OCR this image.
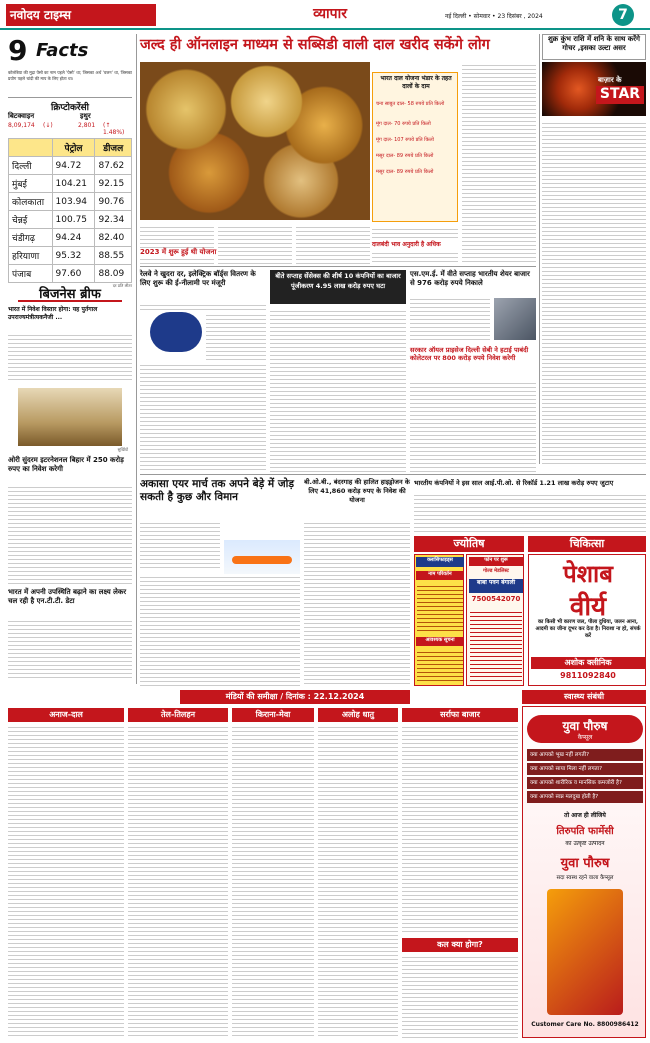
नवोदय टाइम्स	व्यापार	नई दिल्ली • सोमवार • 23 दिसंबर , 2024	7
9 Facts
कोलंबिया की मुद्रा पेसो का नाम पहले 'पेसो' था; जिसका अर्थ 'वजन' था, जिसका प्रयोग पहले चांदी की माप के लिए होता था।
क्रिप्टोकरेंसी
बिटक्वाइन	इथुर
8,09,174	(↓)	2,801	(↑ 1.48%)
	पेट्रोल	डीजल
दिल्ली	94.72	87.62
मुंबई	104.21	92.15
कोलकाता	103.94	90.76
चेन्नई	100.75	92.34
चंडीगढ़	94.24	82.40
हरियाणा	95.32	88.55
पंजाब	97.60	88.09
दर प्रति लीटर
बिजनेस ब्रीफ
भारत में निवेश विस्तार होगा: यह पुर्तगाल उपराज्यमंत्रीत्यकनैजी ...
सुर्खियों
ओरी सुंदरम इटरनेशनल बिहार में 250 करोड़ रुपए का निवेश करेगी
भारत में अपनी उपस्थिति बढ़ाने का लक्ष्य लेकर चल रही है एन.टी.टी. डेटा
जल्द ही ऑनलाइन माध्यम से सब्सिडी वाली दाल खरीद सकेंगे लोग
भारत दाल योजना भंडार के तहत दालों के दाम
चना साबुत दाल- 58 रुपये प्रति किलो
मूंग दाल- 70 रुपये प्रति किलो
मूंग दाल- 107 रुपये प्रति किलो
मसूर दाल- 89 रुपये प्रति किलो
मसूर दाल- 89 रुपये प्रति किलो
2023 में शुरू हुई थी योजना
दालबंदी भाव अनुदारी है अधिक
शुक्र कुंभ राशि में शनि के साथ करेंगे गोचर ,इसका उल्टा असर
बाज़ार के
STAR
रेलवे ने खुदरा दर, इलेक्ट्रिक बॉर्ड्स वितरण के लिए शुरू की ई-नीलामी पर मंजूरी
बीते सप्ताह सेंसेक्स की शीर्ष 10 कंपनियों का बाजार पूंजीकरण 4.95 लाख करोड़ रुपए घटा
एस.एम.ई. में वीते सप्ताह भारतीय शेयर बाजार से 976 करोड़ रुपये निकाले
सरकार ऑयल प्राइसेज दिल्ली सेबी ने हटाई पाबंदी कोलेटरल पर 800 करोड़ रुपये निवेश करेगी
अकासा एयर मार्च तक अपने बेड़े में जोड़ सकती है कुछ और विमान
बी.ओ.बी., बंदरगाह की हालित हाइड्रोजन के लिए 41,860 करोड़ रुपए के निवेश की योजना
भारतीय कंपनियों ने इस साल आई.पी.ओ. से रिकॉर्ड 1.21 लाख करोड़ रुपए जुटाए
ज्योतिष
क्लासिफाइड्स
नाम परिवर्तन
आवश्यक सूचना
फोन पर शुरू
गोल्ड मेडलिस्ट
बाबा पवन बंगाली
7500542070
चिकित्सा
पेशाब
वीर्य
का किसी भी कारण जल, पीला दुधिया, जलन आना, आदमी का जीना दूभर कर देता है। निराशा ना हो, संपर्क करें
अशोक क्लीनिक
9811092840
मंडियों की समीक्षा / दिनांक : 22.12.2024
अनाज-दाल	तेल-तिलहन	किराना-मेवा	अलोह धातु	सर्राफा बाजार
कल क्या होगा?
स्वास्थ्य संबंधी
युवा पौरुष
कैप्सूल
क्या आपको भूख नहीं लगती?
क्या आपको साया मिला नहीं लगता?
क्या आपको शारीरिक व मानसिक कमजोरी है?
क्या आपको स्वप्न मलदुख होती है?
तो आज ही लीजिये
तिरुपति फार्मेसी
का उत्कृष्ट उत्पादन
युवा पौरुष
सदा स्वस्थ रहने वाला कैप्सूल
Customer Care No. 8800986412
